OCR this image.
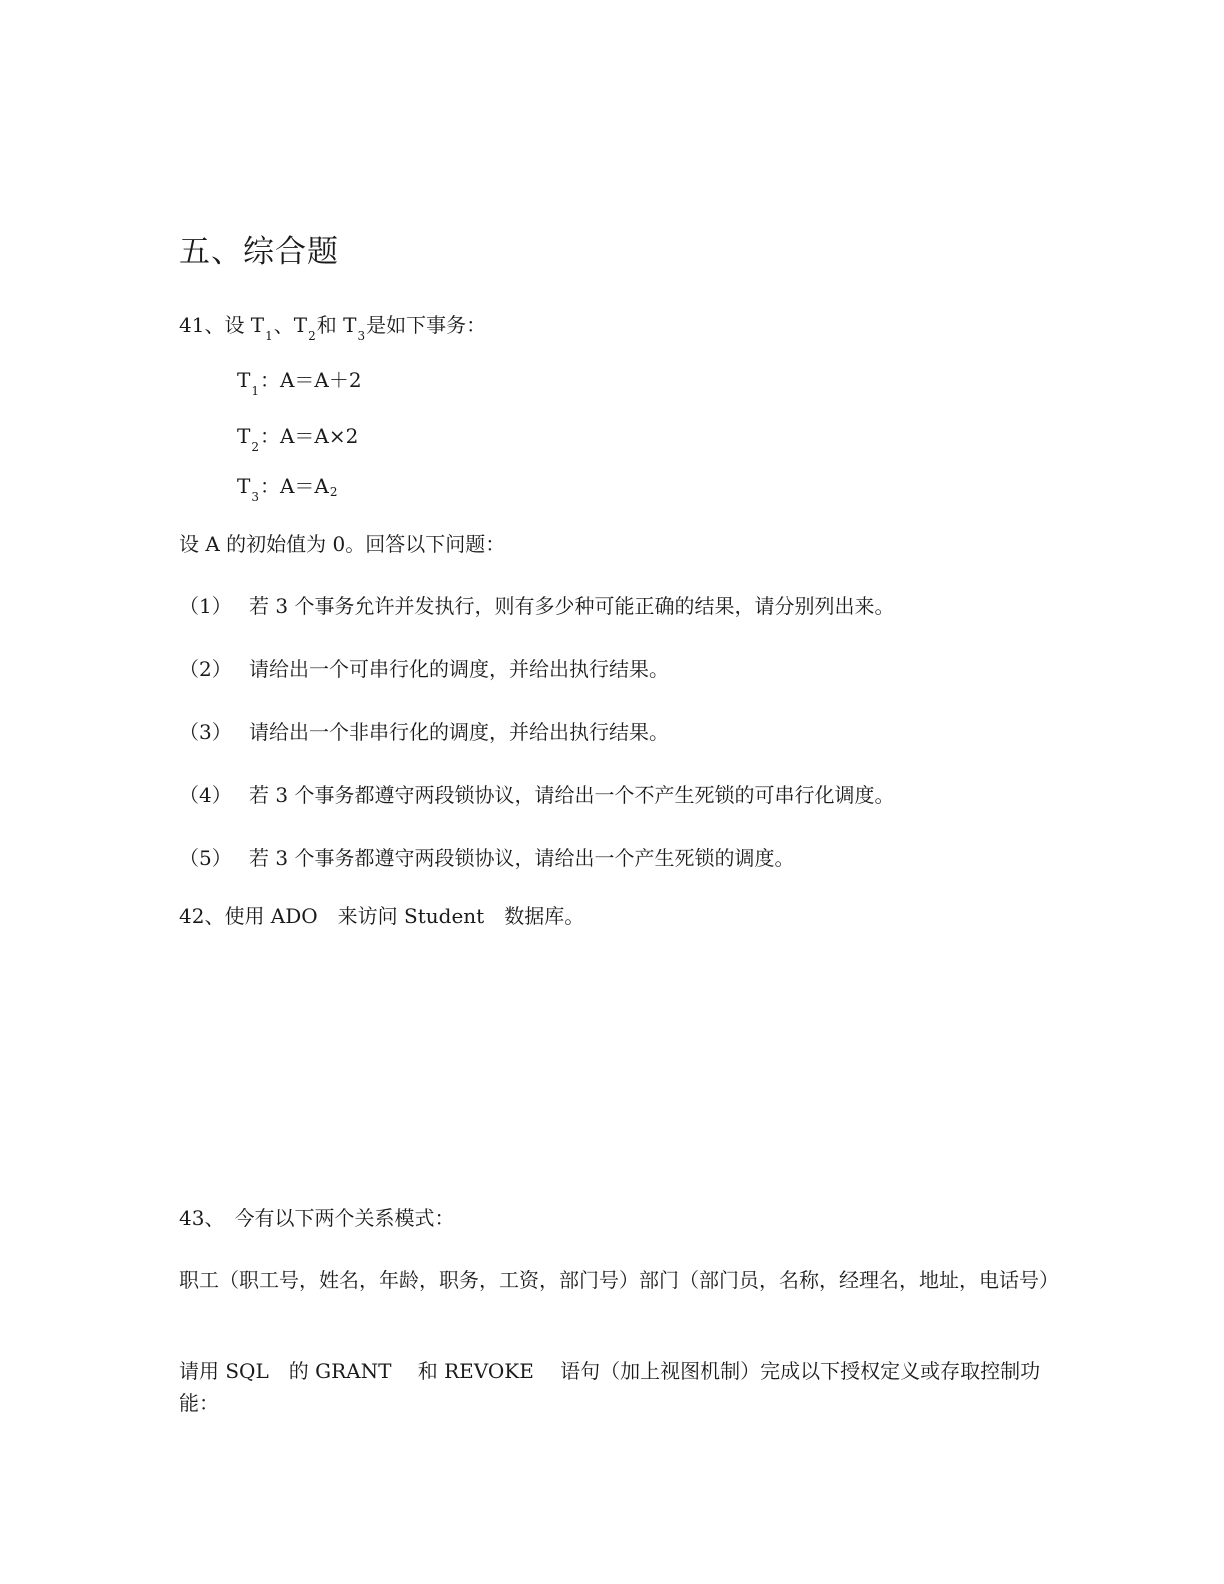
五、综合题
41、设 $T_1$、$T_2$和 $T_3$是如下事务：
$T_1$：A＝A＋2
$T_2$：A＝A×2
$T_3$：A＝A2
设 A 的初始值为 0。回答以下问题：
（1） 若 3 个事务允许并发执行，则有多少种可能正确的结果，请分别列出来。
（2） 请给出一个可串行化的调度，并给出执行结果。
（3） 请给出一个非串行化的调度，并给出执行结果。
（4） 若 3 个事务都遵守两段锁协议，请给出一个不产生死锁的可串行化调度。
（5） 若 3 个事务都遵守两段锁协议，请给出一个产生死锁的调度。
42、使用 ADO　来访问 Student　数据库。
43、　今有以下两个关系模式：
职工（职工号，姓名，年龄，职务，工资，部门号）部门（部门员，名称，经理名，地址，电话号）
请用 SQL　的 GRANT　 和 REVOKE　 语句（加上视图机制）完成以下授权定义或存取控制功能：
